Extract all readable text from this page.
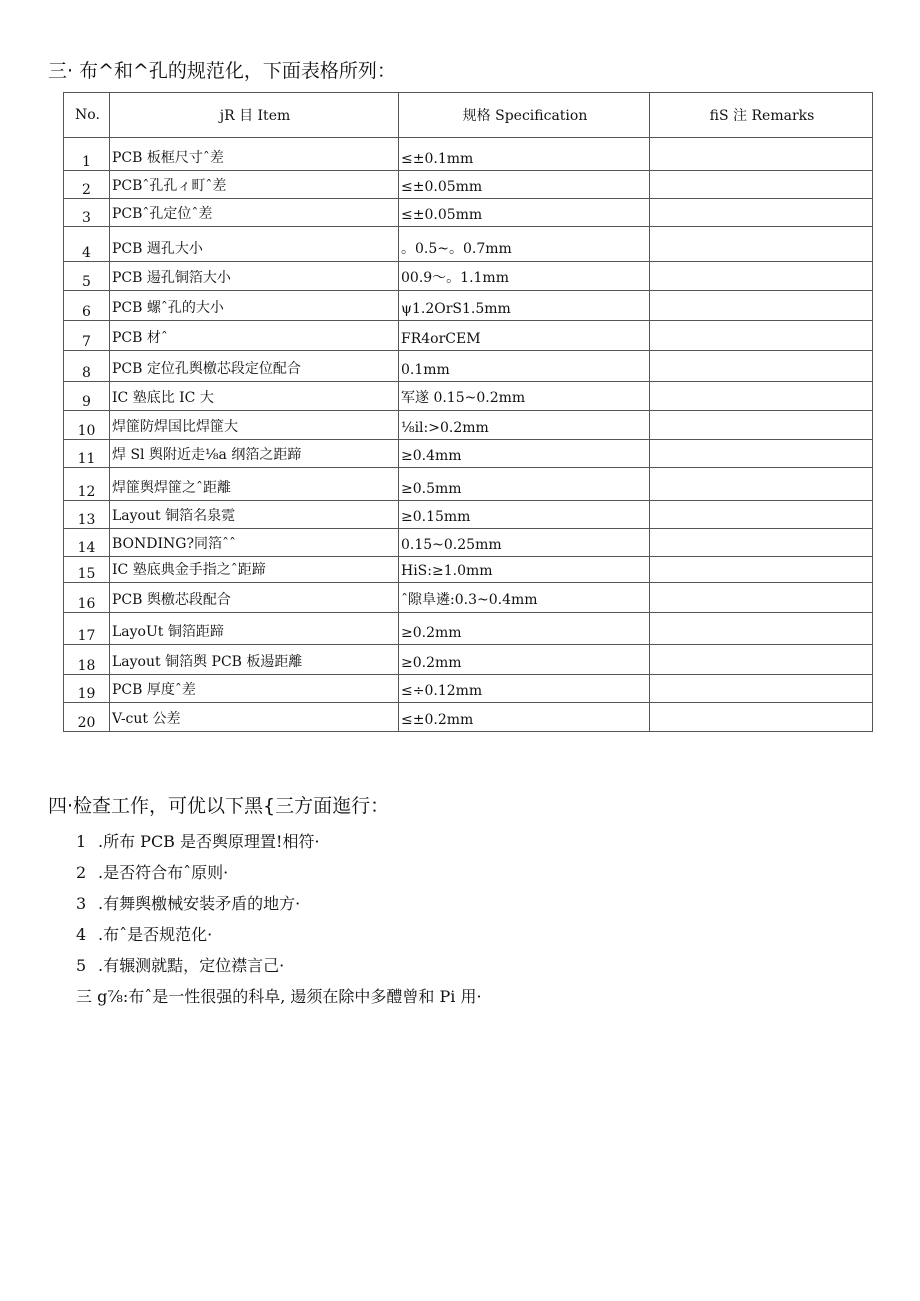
三· 布^和^孔的规范化，下面表格所列：
No.	jR 目 Item	规格 Specification	fiS 注 Remarks
1	PCB 板框尺寸ˆ差	≤±0.1mm	
2	PCBˆ孔孔ィ町ˆ差	≤±0.05mm	
3	PCBˆ孔定位ˆ差	≤±0.05mm	
4	PCB 週孔大小	。0.5~。0.7mm	
5	PCB 逿孔铜箔大小	00.9～。1.1mm	
6	PCB 螺ˆ孔的大小	ψ1.2OrS1.5mm	
7	PCB 材ˆ	FR4orCEM	
8	PCB 定位孔舆檄芯段定位配合	0.1mm	
9	IC 塾底比 IC 大	军遂 0.15~0.2mm	
10	焊篚防焊国比焊篚大	⅛il:>0.2mm	
11	焊 Sl 舆附近走⅛a 纲箔之距蹄	≥0.4mm	
12	焊篚舆焊篚之ˆ距離	≥0.5mm	
13	Layout 铜箔名泉霓	≥0.15mm	
14	BONDING?同箔ˆˆ	0.15~0.25mm	
15	IC 塾底典金手指之ˆ距蹄	HiS:≥1.0mm	
16	PCB 舆檄芯段配合	ˆ隙阜遴:0.3~0.4mm	
17	LayoUt 铜箔距蹄	≥0.2mm	
18	Layout 铜箔舆 PCB 板逿距離	≥0.2mm	
19	PCB 厚度ˆ差	≤÷0.12mm	
20	V-cut 公差	≤±0.2mm	
四·检查工作，可优以下黑{三方面迤行：
1 .所布 PCB 是否舆原理置!相符·
2 .是否符合布ˆ原则·
3 .有舞舆檄械安装矛盾的地方·
4 .布ˆ是否规范化·
5 .有辗测就黠，定位襟言己·
三 g⅞:布ˆ是一性很强的科阜, 逿须在除中多醴曾和 Pi 用·
